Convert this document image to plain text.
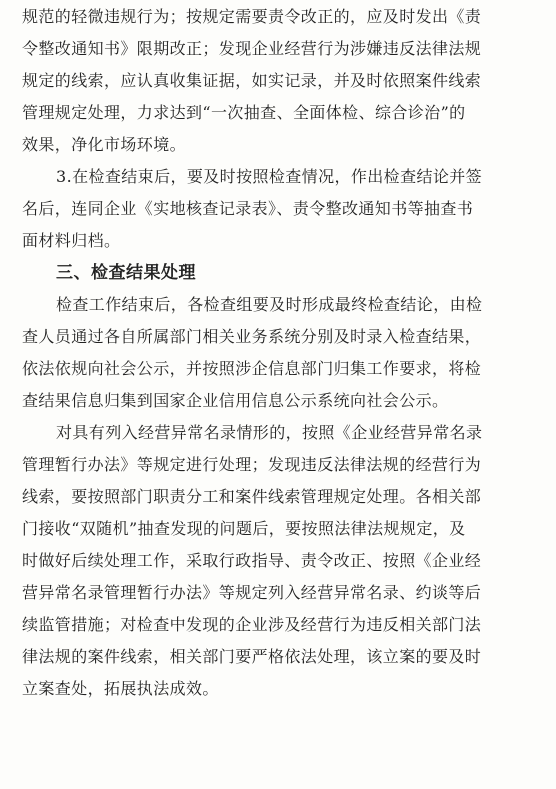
规范的轻微违规行为；按规定需要责令改正的，应及时发出《责
令整改通知书》限期改正；发现企业经营行为涉嫌违反法律法规
规定的线索，应认真收集证据，如实记录，并及时依照案件线索
管理规定处理，力求达到“一次抽查、全面体检、综合诊治”的
效果，净化市场环境。
3.在检查结束后，要及时按照检查情况，作出检查结论并签
名后，连同企业《实地核查记录表》、责令整改通知书等抽查书
面材料归档。
三、检查结果处理
检查工作结束后，各检查组要及时形成最终检查结论，由检
查人员通过各自所属部门相关业务系统分别及时录入检查结果，
依法依规向社会公示，并按照涉企信息部门归集工作要求，将检
查结果信息归集到国家企业信用信息公示系统向社会公示。
对具有列入经营异常名录情形的，按照《企业经营异常名录
管理暂行办法》等规定进行处理；发现违反法律法规的经营行为
线索，要按照部门职责分工和案件线索管理规定处理。各相关部
门接收“双随机”抽查发现的问题后，要按照法律法规规定，及
时做好后续处理工作，采取行政指导、责令改正、按照《企业经
营异常名录管理暂行办法》等规定列入经营异常名录、约谈等后
续监管措施；对检查中发现的企业涉及经营行为违反相关部门法
律法规的案件线索，相关部门要严格依法处理，该立案的要及时
立案查处，拓展执法成效。
